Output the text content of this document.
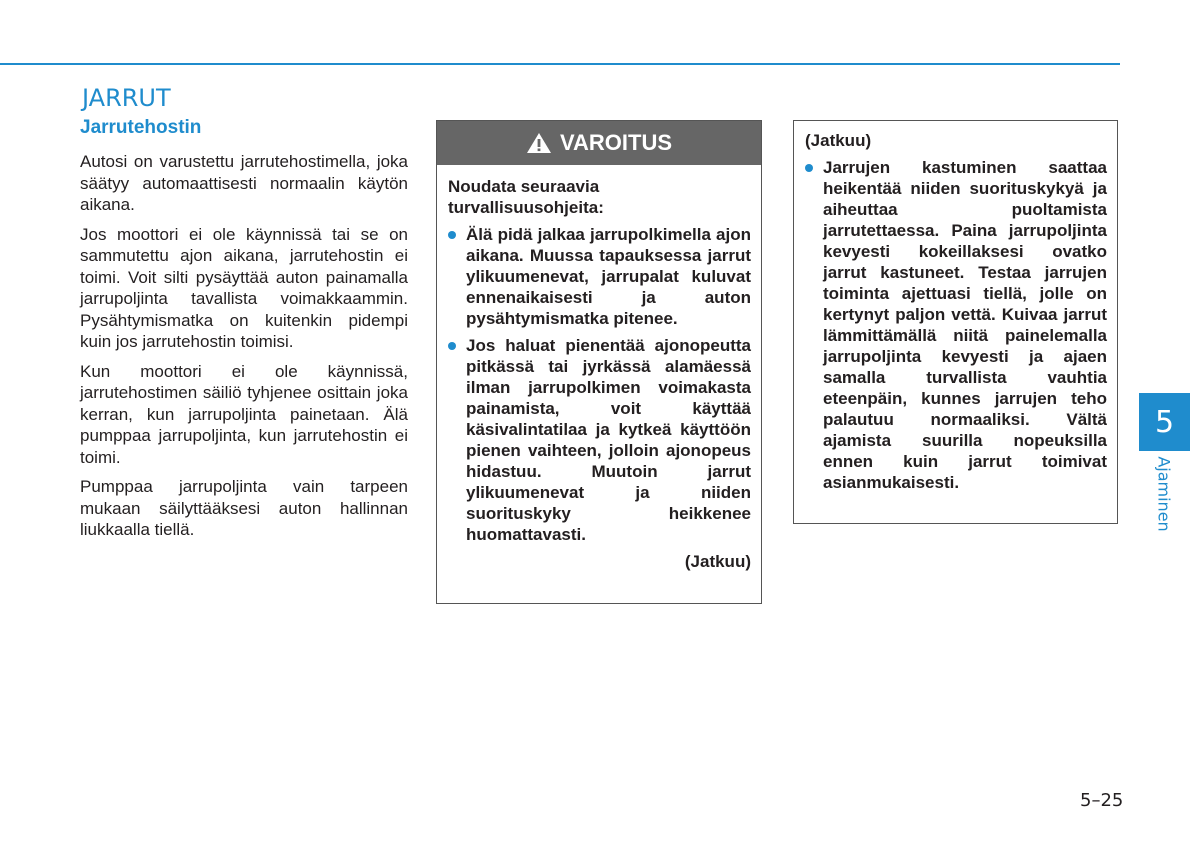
JARRUT
Jarrutehostin

Autosi on varustettu jarrutehostimella, joka säätyy automaattisesti normaalin käytön aikana.

Jos moottori ei ole käynnissä tai se on sammutettu ajon aikana, jarrutehostin ei toimi. Voit silti pysäyttää auton painamalla jarrupoljinta tavallista voimakkaammin. Pysähtymismatka on kuitenkin pidempi kuin jos jarrutehostin toimisi.

Kun moottori ei ole käynnissä, jarrutehostimen säiliö tyhjenee osittain joka kerran, kun jarrupoljinta painetaan. Älä pumppaa jarrupoljinta, kun jarrutehostin ei toimi.

Pumppaa jarrupoljinta vain tarpeen mukaan säilyttääksesi auton hallinnan liukkaalla tiellä.

VAROITUS

Noudata seuraavia turvallisuusohjeita:

Älä pidä jalkaa jarrupolkimella ajon aikana. Muussa tapauksessa jarrut ylikuumenevat, jarrupalat kuluvat ennenaikaisesti ja auton pysähtymismatka pitenee.
Jos haluat pienentää ajonopeutta pitkässä tai jyrkässä alamäessä ilman jarrupolkimen voimakasta painamista, voit käyttää käsivalintatilaa ja kytkeä käyttöön pienen vaihteen, jolloin ajonopeus hidastuu. Muutoin jarrut ylikuumenevat ja niiden suorituskyky heikkenee huomattavasti.
(Jatkuu)
(Jatkuu)
Jarrujen kastuminen saattaa heikentää niiden suorituskykyä ja aiheuttaa puoltamista jarrutettaessa. Paina jarrupoljinta kevyesti kokeillaksesi ovatko jarrut kastuneet. Testaa jarrujen toiminta ajettuasi tiellä, jolle on kertynyt paljon vettä. Kuivaa jarrut lämmittämällä niitä painelemalla jarrupoljinta kevyesti ja ajaen samalla turvallista vauhtia eteenpäin, kunnes jarrujen teho palautuu normaaliksi. Vältä ajamista suurilla nopeuksilla ennen kuin jarrut toimivat asianmukaisesti.
5
Ajaminen
5–25
